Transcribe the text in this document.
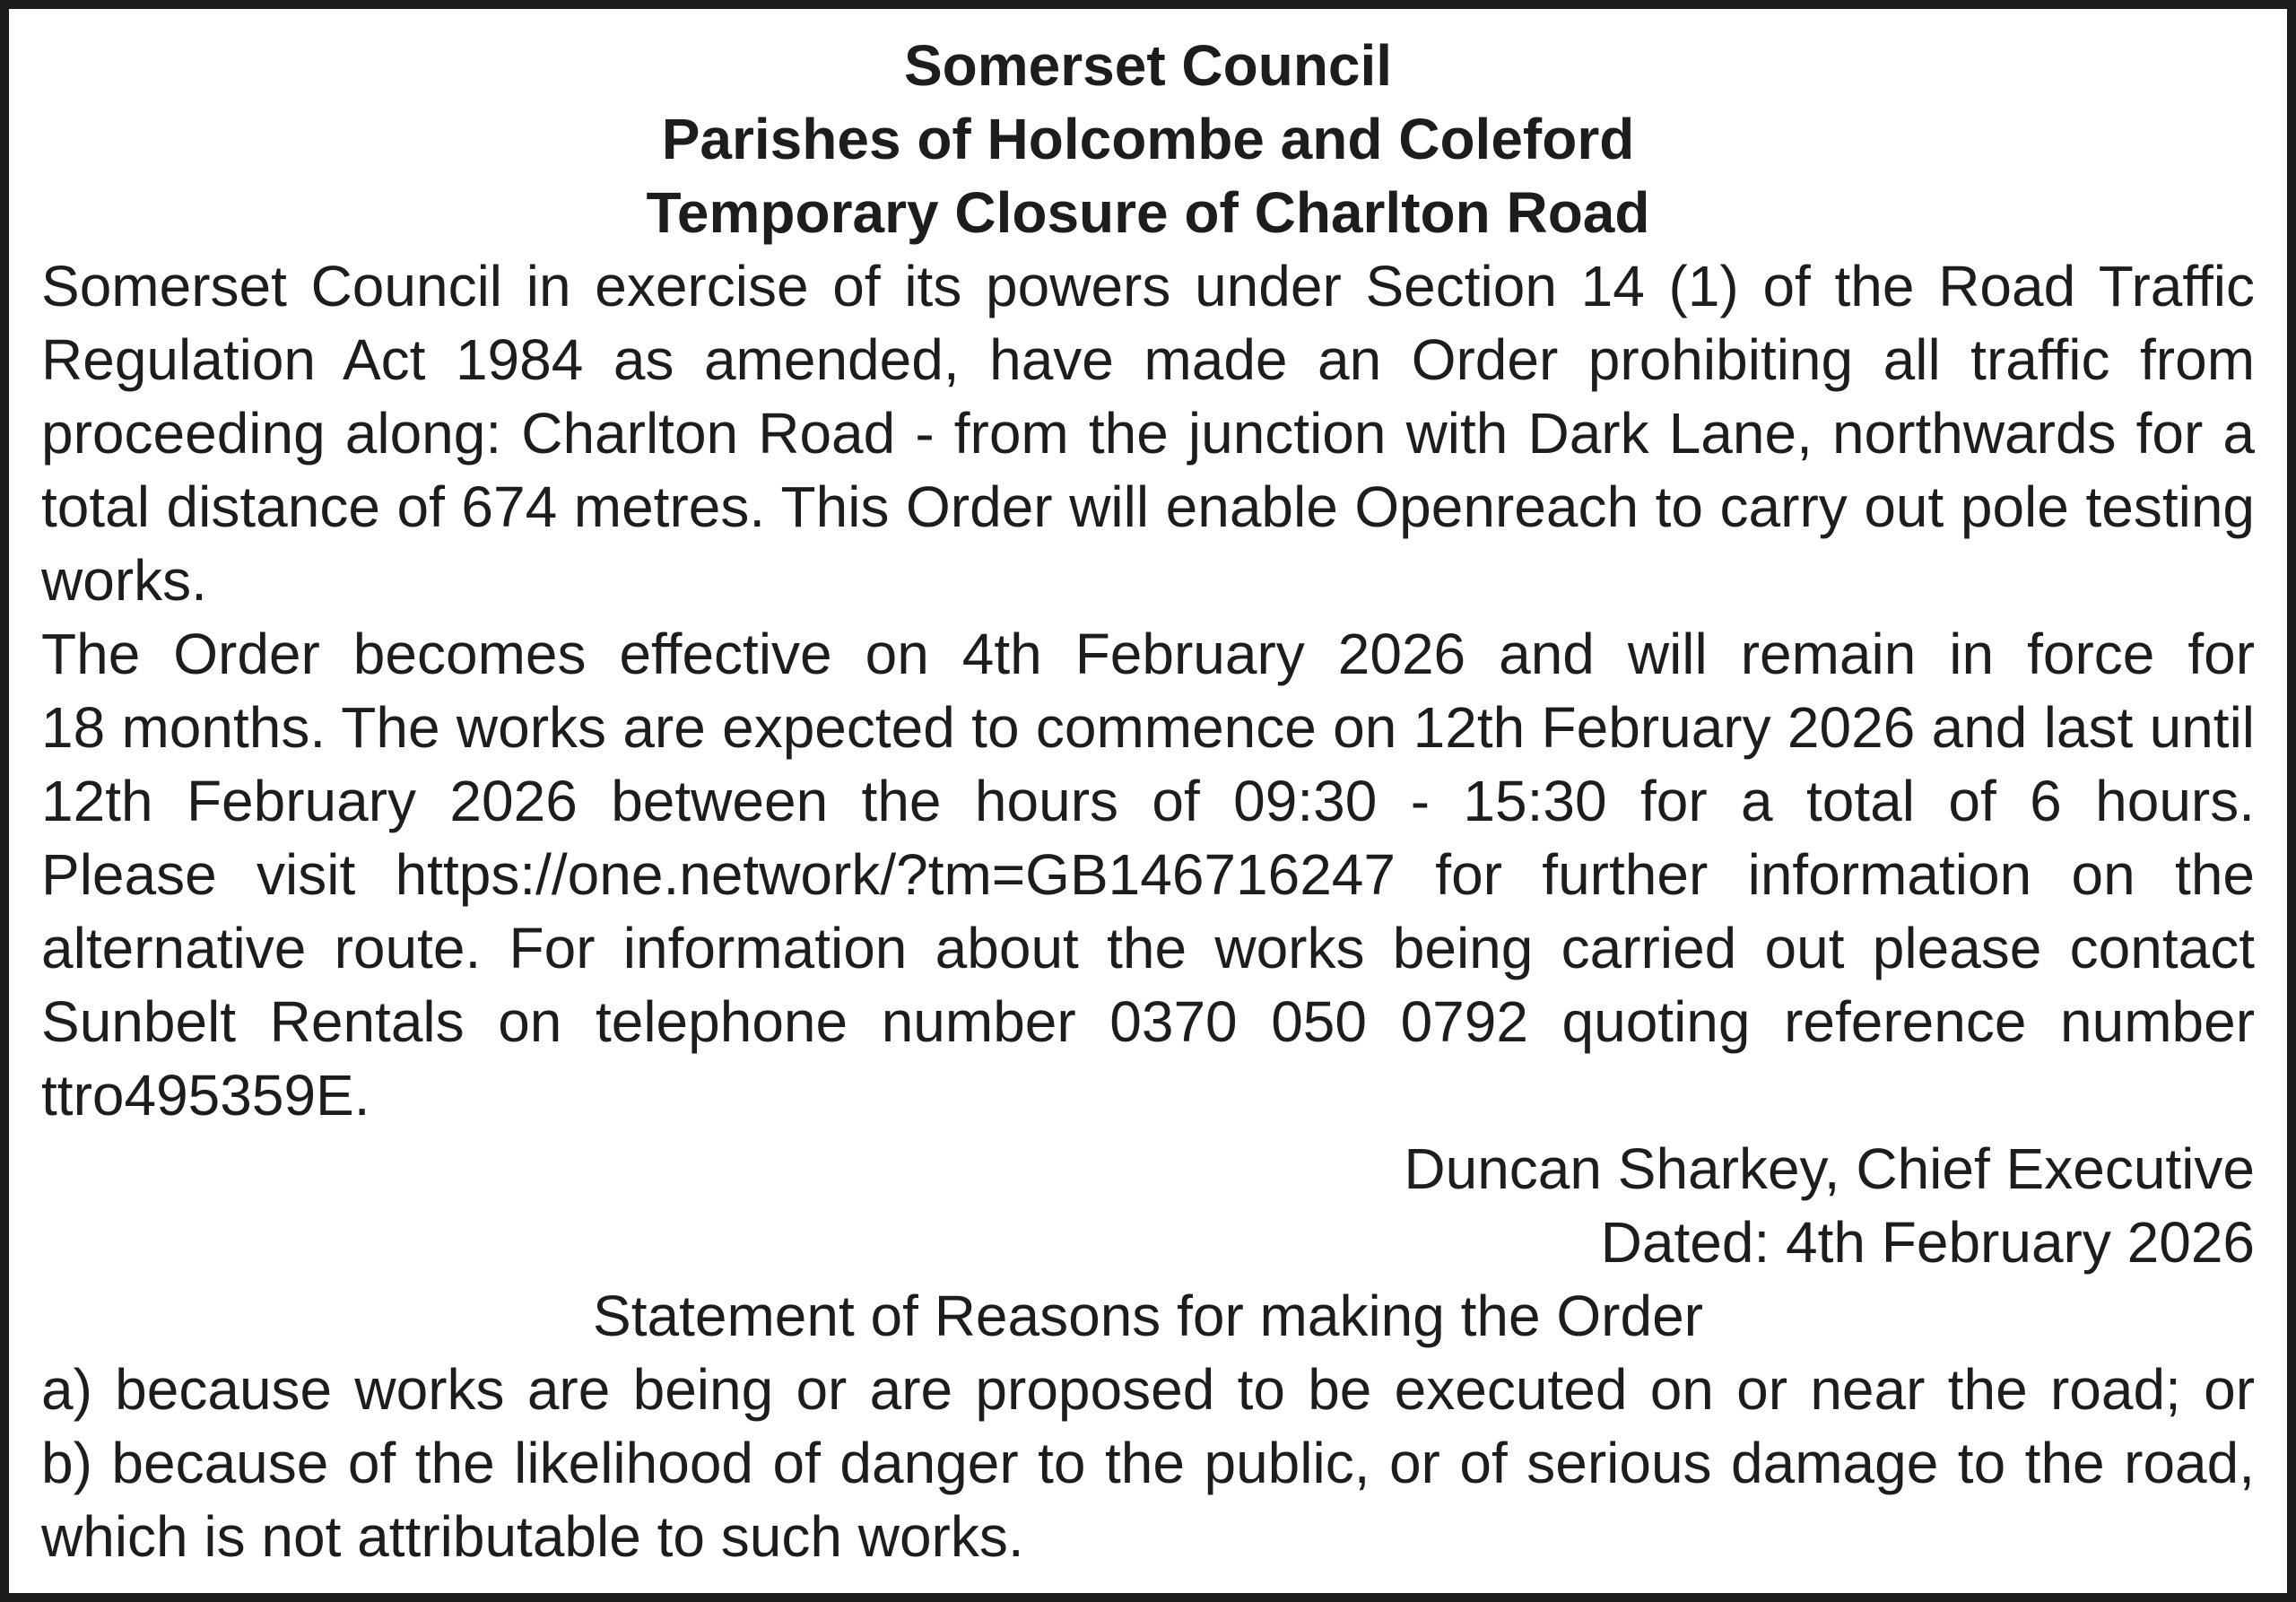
Somerset Council
Parishes of Holcombe and Coleford
Temporary Closure of Charlton Road
Somerset Council in exercise of its powers under Section 14 (1) of the Road Traffic
Regulation Act 1984 as amended, have made an Order prohibiting all traffic from
proceeding along: Charlton Road - from the junction with Dark Lane, northwards for a
total distance of 674 metres. This Order will enable Openreach to carry out pole testing
works.
The Order becomes effective on 4th February 2026 and will remain in force for
18 months. The works are expected to commence on 12th February 2026 and last until
12th February 2026 between the hours of 09:30 - 15:30 for a total of 6 hours.
Please visit https://one.network/?tm=GB146716247 for further information on the
alternative route. For information about the works being carried out please contact
Sunbelt Rentals on telephone number 0370 050 0792 quoting reference number
ttro495359E.
Duncan Sharkey, Chief Executive
Dated: 4th February 2026
Statement of Reasons for making the Order
a) because works are being or are proposed to be executed on or near the road; or
b) because of the likelihood of danger to the public, or of serious damage to the road,
which is not attributable to such works.
